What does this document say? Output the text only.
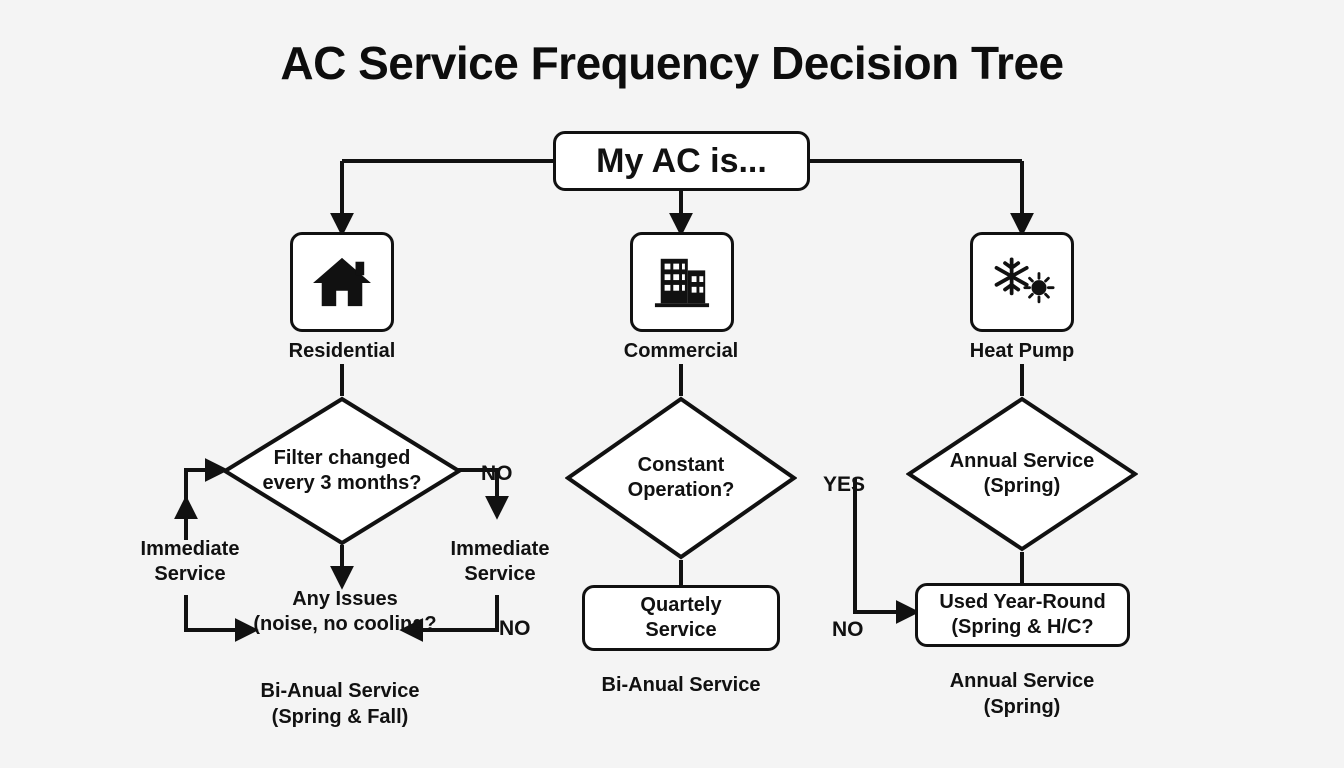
AC Service Frequency Decision Tree
My AC is...
Residential	Commercial	Heat Pump
Filter changed
every 3 months?	NO
Immediate
Service
Immediate
Service
Any Issues
(noise, no cooling?	NO
Bi-Anual Service
(Spring & Fall)
Constant
Operation?
Quartely
Service
Bi-Anual Service
Annual Service
(Spring)
YES
NO
Used Year-Round
(Spring & H/C?
Annual Service
(Spring)
